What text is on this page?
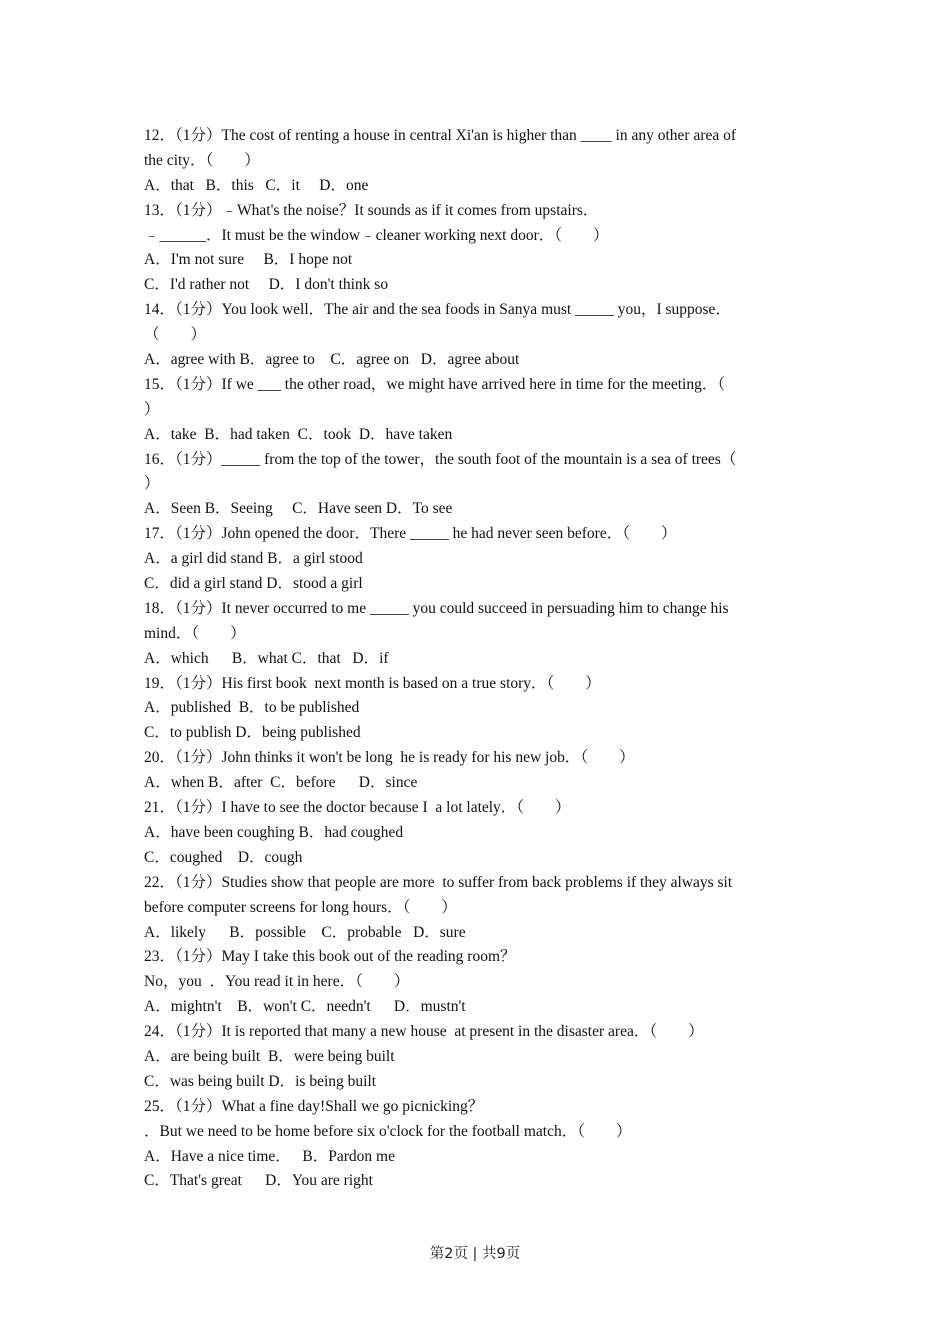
12．（1分）The cost of renting a house in central Xi'an is higher than ____ in any other area of
the city．（　　）
A．that   B．this   C．it     D．one
13．（1分）﹣What's the noise？It sounds as if it comes from upstairs．
﹣______．It must be the window﹣cleaner working next door．（　　）
A．I'm not sure     B．I hope not
C．I'd rather not     D．I don't think so
14．（1分）You look well．The air and the sea foods in Sanya must _____ you，I suppose．
（　　）
A．agree with B．agree to    C．agree on   D．agree about
15．（1分）If we ___ the other road，we might have arrived here in time for the meeting．（
）
A．take  B．had taken  C．took  D．have taken
16．（1分）_____ from the top of the tower，the south foot of the mountain is a sea of trees（
）
A．Seen B．Seeing     C．Have seen D．To see
17．（1分）John opened the door．There _____ he had never seen before．（　　）
A．a girl did stand B．a girl stood
C．did a girl stand D．stood a girl
18．（1分）It never occurred to me _____ you could succeed in persuading him to change his
mind．（　　）
A．which      B．what C．that   D．if
19．（1分）His first book  next month is based on a true story．（　　）
A．published  B．to be published
C．to publish D．being published
20．（1分）John thinks it won't be long  he is ready for his new job．（　　）
A．when B．after  C．before      D．since
21．（1分）I have to see the doctor because I  a lot lately．（　　）
A．have been coughing B．had coughed
C．coughed    D．cough
22．（1分）Studies show that people are more  to suffer from back problems if they always sit
before computer screens for long hours．（　　）
A．likely      B．possible    C．probable   D．sure
23．（1分）May I take this book out of the reading room？
No，you  ．You read it in here．（　　）
A．mightn't    B．won't C．needn't      D．mustn't
24．（1分）It is reported that many a new house  at present in the disaster area．（　　）
A．are being built  B．were being built
C．was being built D．is being built
25．（1分）What a fine day!Shall we go picnicking？
．But we need to be home before six o'clock for the football match．（　　）
A．Have a nice time．   B．Pardon me
C．That's great      D．You are right
第2页 | 共9页
